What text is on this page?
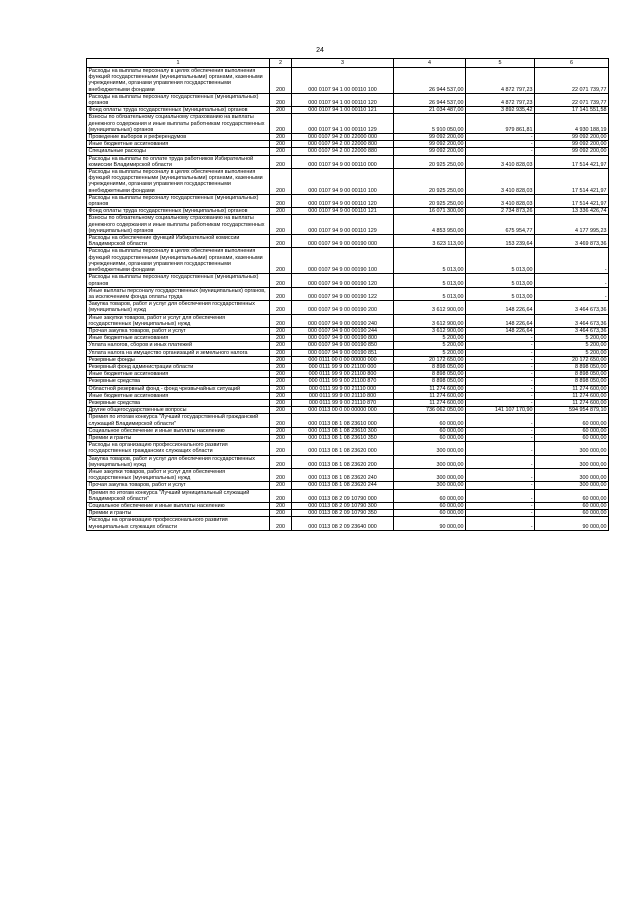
24
1	2	3	4	5	6
Расходы на выплаты персоналу в целях обеспечения выполнения функций государственными (муниципальными) органами, казенными учреждениями, органами управления государственными внебюджетными фондами	200	000 0107 94 1 00 00110 100	26 944 537,00	4 872 797,23	22 071 739,77
Расходы на выплаты персоналу государственных (муниципальных) органов	200	000 0107 94 1 00 00110 120	26 944 537,00	4 872 797,23	22 071 739,77
Фонд оплаты труда государственных (муниципальных) органов	200	000 0107 94 1 00 00110 121	21 034 487,00	3 892 935,42	17 141 551,58
Взносы по обязательному социальному страхованию на выплаты денежного содержания и иные выплаты работникам государственных (муниципальных) органов	200	000 0107 94 1 00 00110 129	5 910 050,00	979 861,81	4 930 188,19
Проведение выборов и референдумов	200	000 0107 94 2 00 22000 000	99 092 200,00	-	99 092 200,00
Иные бюджетные ассигнования	200	000 0107 94 2 00 22000 800	99 092 200,00	-	99 092 200,00
Специальные расходы	200	000 0107 94 2 00 22000 880	99 092 200,00	-	99 092 200,00
Расходы на выплаты по оплате труда работников Избирательной комиссии Владимирской области	200	000 0107 94 9 00 00110 000	20 925 250,00	3 410 828,03	17 514 421,97
Расходы на выплаты персоналу в целях обеспечения выполнения функций государственными (муниципальными) органами, казенными учреждениями, органами управления государственными внебюджетными фондами	200	000 0107 94 9 00 00110 100	20 925 250,00	3 410 828,03	17 514 421,97
Расходы на выплаты персоналу государственных (муниципальных) органов	200	000 0107 94 9 00 00110 120	20 925 250,00	3 410 828,03	17 514 421,97
Фонд оплаты труда государственных (муниципальных) органов	200	000 0107 94 9 00 00110 121	16 071 300,00	2 734 873,26	13 336 426,74
Взносы по обязательному социальному страхованию на выплаты денежного содержания и иные выплаты работникам государственных (муниципальных) органов	200	000 0107 94 9 00 00110 129	4 853 950,00	675 954,77	4 177 995,23
Расходы на обеспечение функций Избирательной комиссии Владимирской области	200	000 0107 94 9 00 00190 000	3 623 113,00	153 239,64	3 469 873,36
Расходы на выплаты персоналу в целях обеспечения выполнения функций государственными (муниципальными) органами, казенными учреждениями, органами управления государственными внебюджетными фондами	200	000 0107 94 9 00 00190 100	5 013,00	5 013,00	-
Расходы на выплаты персоналу государственных (муниципальных) органов	200	000 0107 94 9 00 00190 120	5 013,00	5 013,00	-
Иные выплаты персоналу государственных (муниципальных) органов, за исключением фонда оплаты труда	200	000 0107 94 9 00 00190 122	5 013,00	5 013,00	-
Закупка товаров, работ и услуг для обеспечения государственных (муниципальных) нужд	200	000 0107 94 9 00 00190 200	3 612 900,00	148 226,64	3 464 673,36
Иные закупки товаров, работ и услуг для обеспечения государственных (муниципальных) нужд	200	000 0107 94 9 00 00190 240	3 612 900,00	148 226,64	3 464 673,36
Прочая закупка товаров, работ и услуг	200	000 0107 94 9 00 00190 244	3 612 900,00	148 226,64	3 464 673,36
Иные бюджетные ассигнования	200	000 0107 94 9 00 00190 800	5 200,00	-	5 200,00
Уплата налогов, сборов и иных платежей	200	000 0107 94 9 00 00190 850	5 200,00	-	5 200,00
Уплата налога на имущество организаций и земельного налога	200	000 0107 94 9 00 00190 851	5 200,00	-	5 200,00
Резервные фонды	200	000 0111 00 0 00 00000 000	20 172 650,00	-	20 172 650,00
Резервный фонд администрации области	200	000 0111 99 9 00 21100 000	8 898 050,00	-	8 898 050,00
Иные бюджетные ассигнования	200	000 0111 99 9 00 21100 800	8 898 050,00	-	8 898 050,00
Резервные средства	200	000 0111 99 9 00 21100 870	8 898 050,00	-	8 898 050,00
Областной резервный фонд - фонд чрезвычайных ситуаций	200	000 0111 99 9 00 21110 000	11 274 600,00	-	11 274 600,00
Иные бюджетные ассигнования	200	000 0111 99 9 00 21110 800	11 274 600,00	-	11 274 600,00
Резервные средства	200	000 0111 99 9 00 21110 870	11 274 600,00	-	11 274 600,00
Другие общегосударственные вопросы	200	000 0113 00 0 00 00000 000	736 062 050,00	141 107 170,90	594 954 879,10
Премия по итогам конкурса "Лучший государственный гражданский служащий Владимирской области"	200	000 0113 08 1 08 23610 000	60 000,00	-	60 000,00
Социальное обеспечение и иные выплаты населению	200	000 0113 08 1 08 23610 300	60 000,00	-	60 000,00
Премии и гранты	200	000 0113 08 1 08 23610 350	60 000,00	-	60 000,00
Расходы на организацию профессионального развития государственных гражданских служащих области	200	000 0113 08 1 08 23620 000	300 000,00	-	300 000,00
Закупка товаров, работ и услуг для обеспечения государственных (муниципальных) нужд	200	000 0113 08 1 08 23620 200	300 000,00	-	300 000,00
Иные закупки товаров, работ и услуг для обеспечения государственных (муниципальных) нужд	200	000 0113 08 1 08 23620 240	300 000,00	-	300 000,00
Прочая закупка товаров, работ и услуг	200	000 0113 08 1 08 23620 244	300 000,00	-	300 000,00
Премия по итогам конкурса "Лучший муниципальный служащий Владимирской области"	200	000 0113 08 2 09 10790 000	60 000,00	-	60 000,00
Социальное обеспечение и иные выплаты населению	200	000 0113 08 2 09 10790 300	60 000,00	-	60 000,00
Премии и гранты	200	000 0113 08 2 09 10790 350	60 000,00	-	60 000,00
Расходы на организацию профессионального развития муниципальных служащих области	200	000 0113 08 2 09 23640 000	90 000,00	-	90 000,00
